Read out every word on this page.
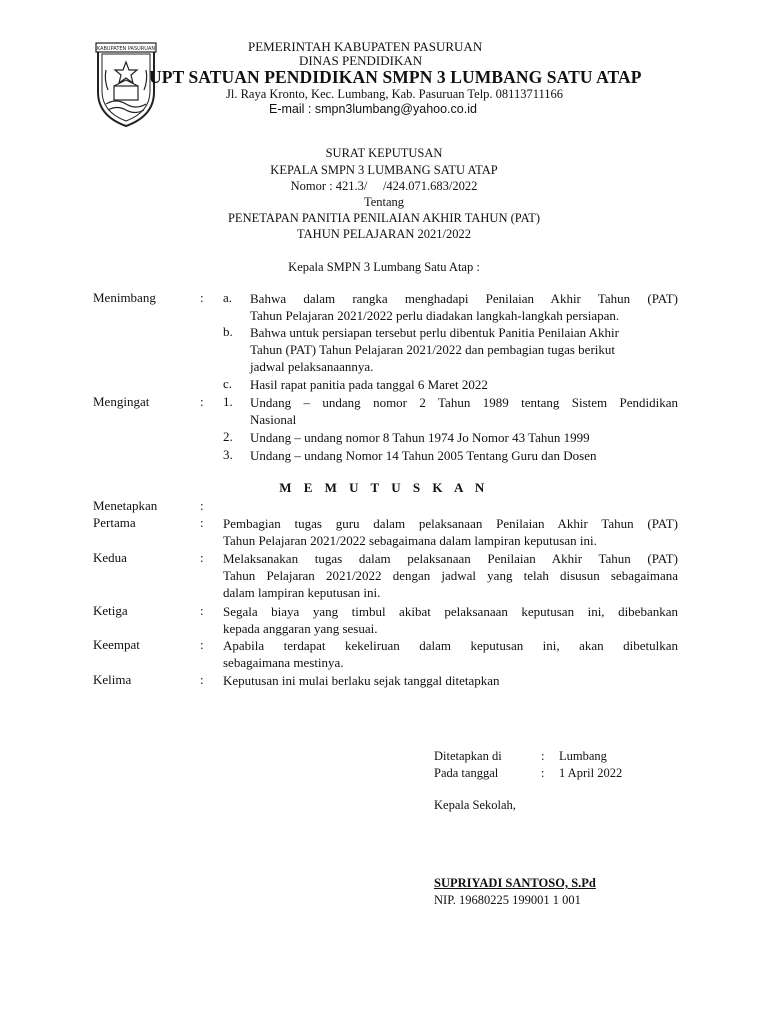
KABUPATEN PASURUAN	PEMERINTAH KABUPATEN PASURUAN
DINAS PENDIDIKAN
UPT SATUAN PENDIDIKAN SMPN 3 LUMBANG SATU ATAP
Jl. Raya Kronto, Kec. Lumbang, Kab. Pasuruan Telp. 08113711166
E-mail : smpn3lumbang@yahoo.co.id
SURAT KEPUTUSAN
KEPALA SMPN 3 LUMBANG SATU ATAP
Nomor : 421.3/     /424.071.683/2022
Tentang
PENETAPAN PANITIA PENILAIAN AKHIR TAHUN (PAT)
TAHUN PELAJARAN 2021/2022
Kepala SMPN 3 Lumbang Satu Atap :
Menimbang	: a. Bahwa dalam rangka menghadapi Penilaian Akhir Tahun (PAT)
Tahun Pelajaran 2021/2022 perlu diadakan langkah-langkah persiapan.
b. Bahwa untuk persiapan tersebut perlu dibentuk Panitia Penilaian Akhir
Tahun (PAT) Tahun Pelajaran 2021/2022 dan pembagian tugas berikut
jadwal pelaksanaannya.
c. Hasil rapat panitia pada tanggal 6 Maret 2022
Mengingat	: 1. Undang – undang nomor 2 Tahun 1989 tentang Sistem Pendidikan
Nasional
2. Undang – undang nomor 8 Tahun 1974 Jo Nomor 43 Tahun 1999
3. Undang – undang Nomor 14 Tahun 2005 Tentang Guru dan Dosen
M E M U T U S K A N
Menetapkan	:
Pertama	: Pembagian tugas guru dalam pelaksanaan Penilaian Akhir Tahun (PAT)
Tahun Pelajaran 2021/2022 sebagaimana dalam lampiran keputusan ini.
Kedua	: Melaksanakan tugas dalam pelaksanaan Penilaian Akhir Tahun (PAT)
Tahun Pelajaran 2021/2022 dengan jadwal yang telah disusun sebagaimana
dalam lampiran keputusan ini.
Ketiga	: Segala biaya yang timbul akibat pelaksanaan keputusan ini, dibebankan
kepada anggaran yang sesuai.
Keempat	: Apabila terdapat kekeliruan dalam keputusan ini, akan dibetulkan
sebagaimana mestinya.
Kelima	: Keputusan ini mulai berlaku sejak tanggal ditetapkan
Ditetapkan di	: Lumbang
Pada tanggal	: 1 April 2022
Kepala Sekolah,
SUPRIYADI SANTOSO, S.Pd
NIP. 19680225 199001 1 001
